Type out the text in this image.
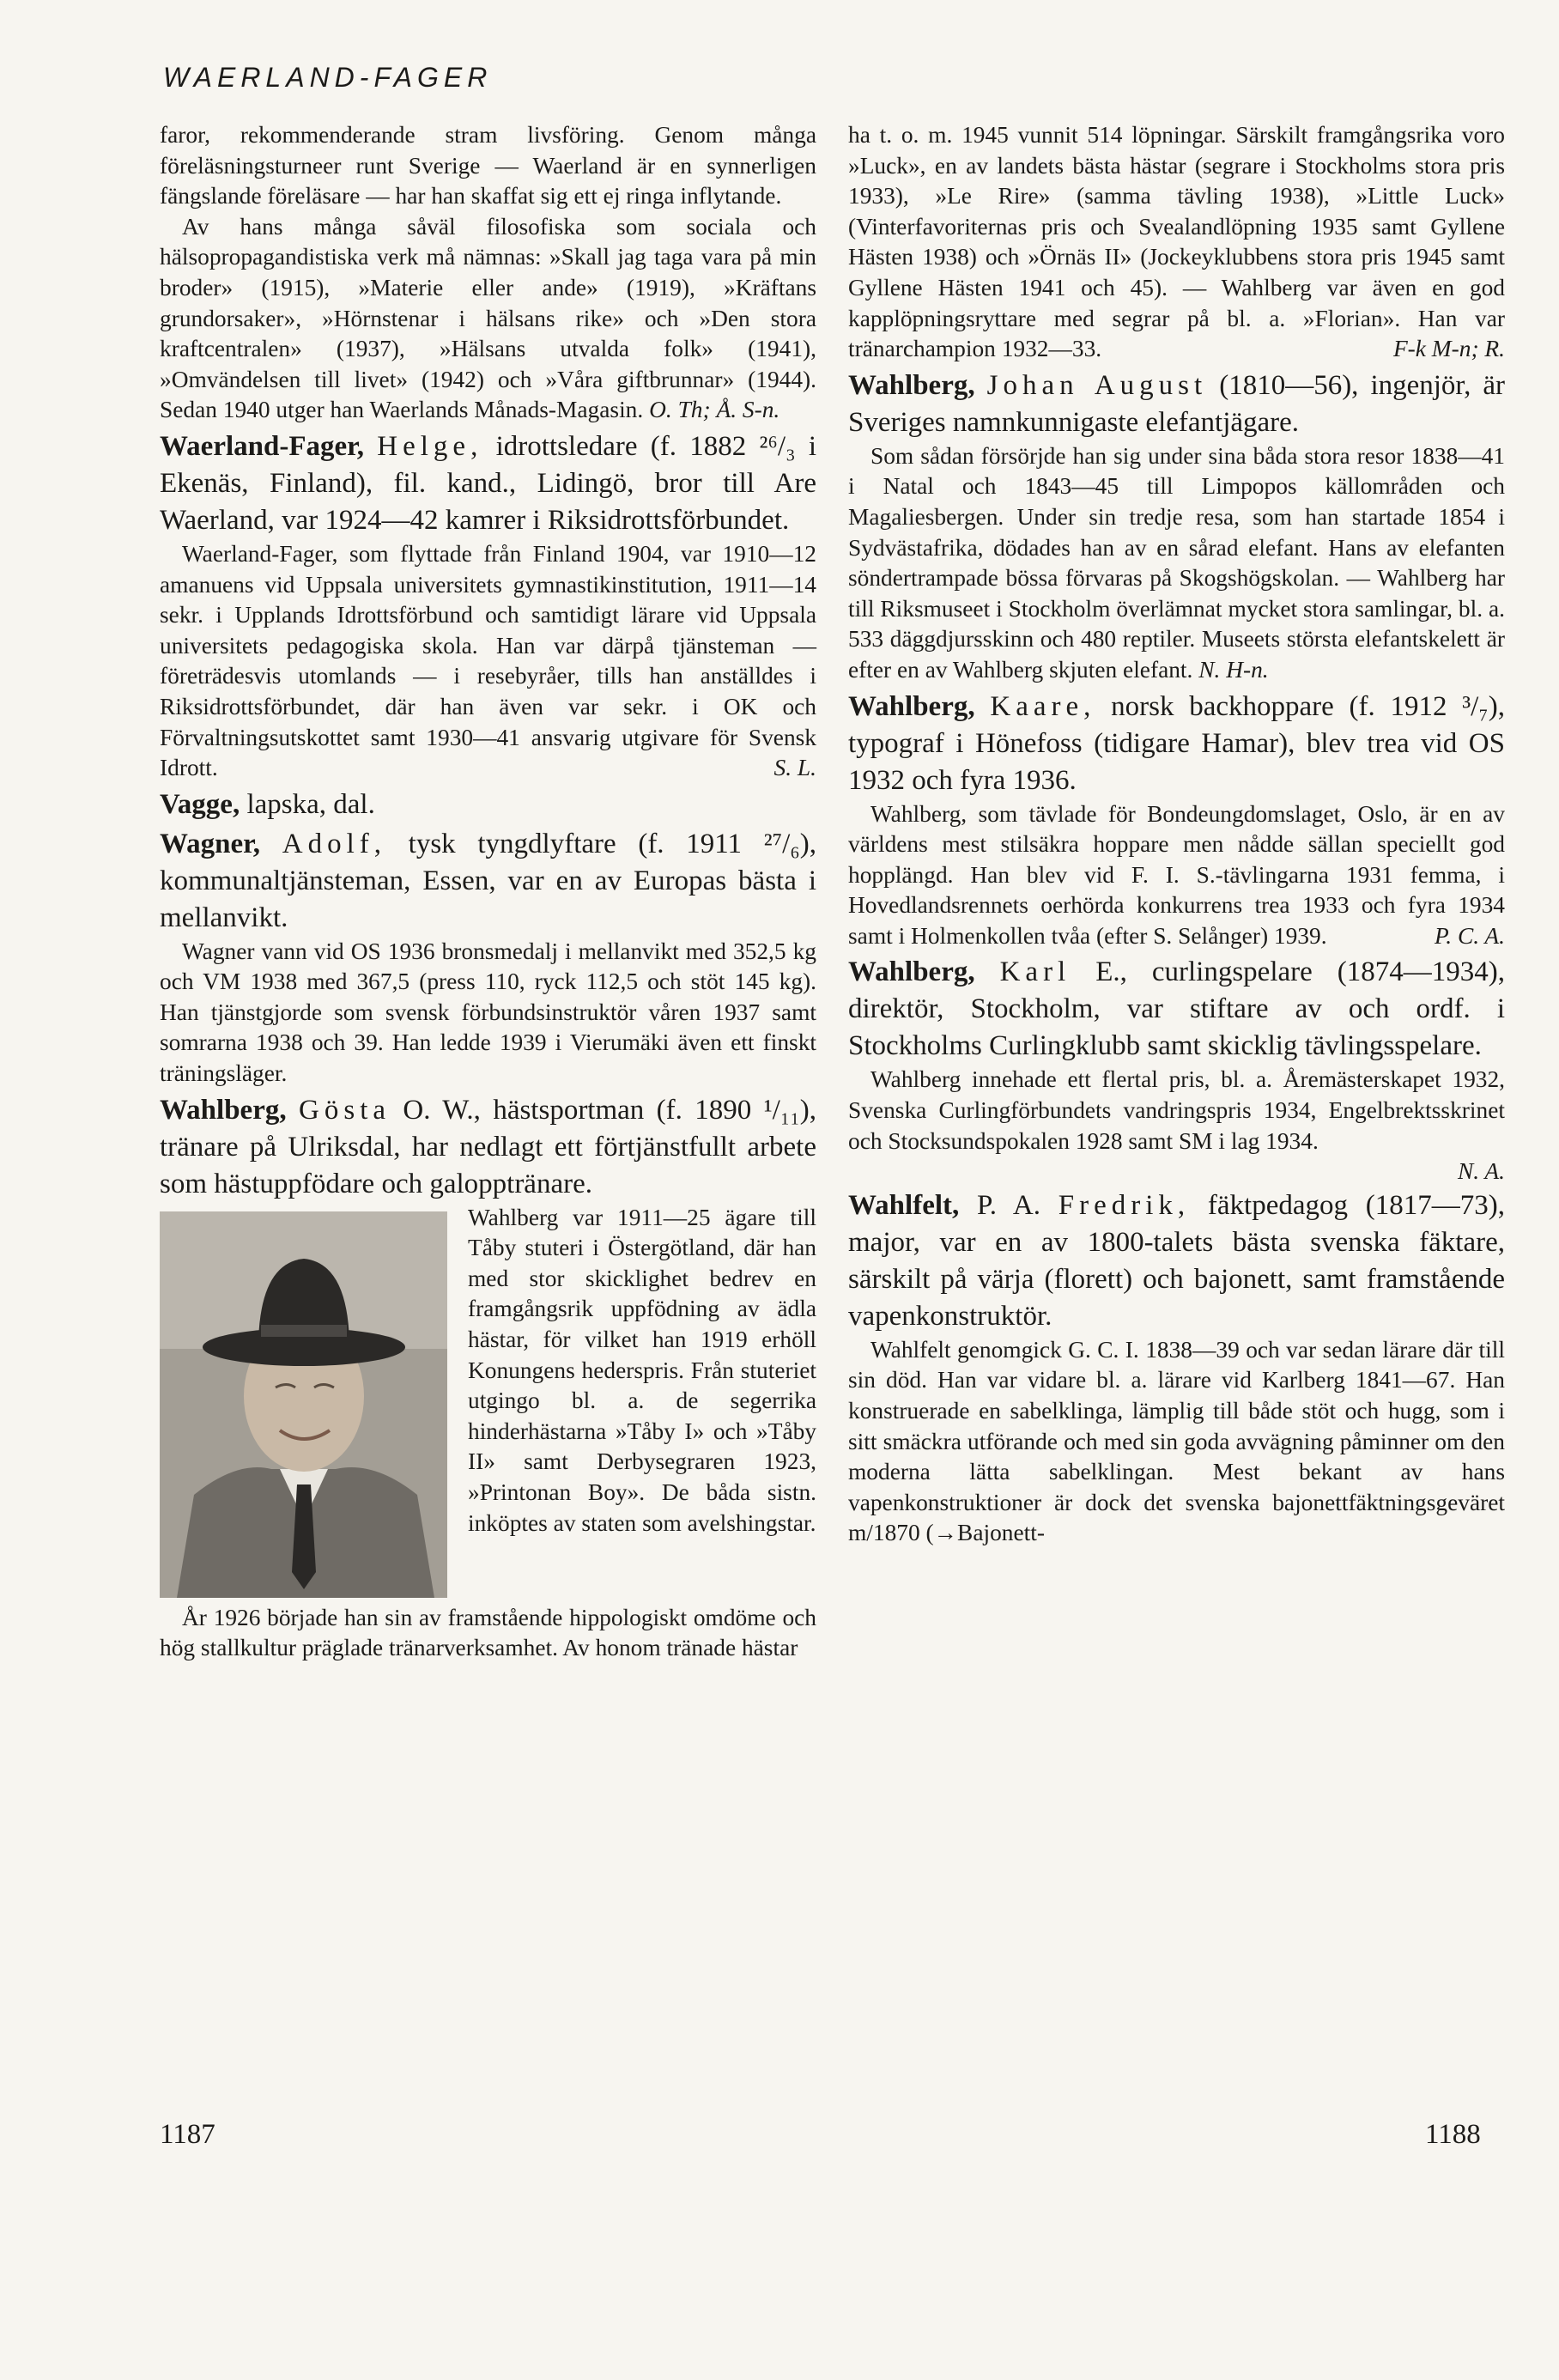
WAERLAND-FAGER

faror, rekommenderande stram livsföring. Genom många föreläsningsturneer runt Sverige — Waerland är en synnerligen fängslande föreläsare — har han skaffat sig ett ej ringa inflytande.

Av hans många såväl filosofiska som sociala och hälsopropagandistiska verk må nämnas: »Skall jag taga vara på min broder» (1915), »Materie eller ande» (1919), »Kräftans grundorsaker», »Hörnstenar i hälsans rike» och »Den stora kraftcentralen» (1937), »Hälsans utvalda folk» (1941), »Omvändelsen till livet» (1942) och »Våra giftbrunnar» (1944). Sedan 1940 utger han Waerlands Månads-Magasin. O. Th; Å. S-n.

Waerland-Fager, Helge, idrottsledare (f. 1882 ²⁶/₃ i Ekenäs, Finland), fil. kand., Lidingö, bror till Are Waerland, var 1924—42 kamrer i Riksidrottsförbundet.

Waerland-Fager, som flyttade från Finland 1904, var 1910—12 amanuens vid Uppsala universitets gymnastikinstitution, 1911—14 sekr. i Upplands Idrottsförbund och samtidigt lärare vid Uppsala universitets pedagogiska skola. Han var därpå tjänsteman — företrädesvis utomlands — i resebyråer, tills han anställdes i Riksidrottsförbundet, där han även var sekr. i OK och Förvaltningsutskottet samt 1930—41 ansvarig utgivare för Svensk Idrott.	S. L.

Vagge, lapska, dal.

Wagner, Adolf, tysk tyngdlyftare (f. 1911 ²⁷/₆), kommunaltjänsteman, Essen, var en av Europas bästa i mellanvikt.

Wagner vann vid OS 1936 bronsmedalj i mellanvikt med 352,5 kg och VM 1938 med 367,5 (press 110, ryck 112,5 och stöt 145 kg). Han tjänstgjorde som svensk förbundsinstruktör våren 1937 samt somrarna 1938 och 39. Han ledde 1939 i Vierumäki även ett finskt träningsläger.

Wahlberg, Gösta O. W., hästsportman (f. 1890 ¹/₁₁), tränare på Ulriksdal, har nedlagt ett förtjänstfullt arbete som hästuppfödare och galopptränare.

Wahlberg var 1911—25 ägare till Tåby stuteri i Östergötland, där han med stor skicklighet bedrev en framgångsrik uppfödning av ädla hästar, för vilket han 1919 erhöll Konungens hederspris. Från stuteriet utgingo bl. a. de segerrika hinderhästarna »Tåby I» och »Tåby II» samt Derbysegraren 1923, »Printonan Boy». De båda sistn. inköptes av staten som avelshingstar.

År 1926 började han sin av framstående hippologiskt omdöme och hög stallkultur präglade tränarverksamhet. Av honom tränade hästar

ha t. o. m. 1945 vunnit 514 löpningar. Särskilt framgångsrika voro »Luck», en av landets bästa hästar (segrare i Stockholms stora pris 1933), »Le Rire» (samma tävling 1938), »Little Luck» (Vinterfavoriternas pris och Svealandlöpning 1935 samt Gyllene Hästen 1938) och »Örnäs II» (Jockeyklubbens stora pris 1945 samt Gyllene Hästen 1941 och 45). — Wahlberg var även en god kapplöpningsryttare med segrar på bl. a. »Florian». Han var tränarchampion 1932—33.	F-k M-n; R.

Wahlberg, Johan August (1810—56), ingenjör, är Sveriges namnkunnigaste elefantjägare.

Som sådan försörjde han sig under sina båda stora resor 1838—41 i Natal och 1843—45 till Limpopos källområden och Magaliesbergen. Under sin tredje resa, som han startade 1854 i Sydvästafrika, dödades han av en sårad elefant. Hans av elefanten söndertrampade bössa förvaras på Skogshögskolan. — Wahlberg har till Riksmuseet i Stockholm överlämnat mycket stora samlingar, bl. a. 533 däggdjursskinn och 480 reptiler. Museets största elefantskelett är efter en av Wahlberg skjuten elefant. N. H-n.

Wahlberg, Kaare, norsk backhoppare (f. 1912 ³/₇), typograf i Hönefoss (tidigare Hamar), blev trea vid OS 1932 och fyra 1936.

Wahlberg, som tävlade för Bondeungdomslaget, Oslo, är en av världens mest stilsäkra hoppare men nådde sällan speciellt god hopplängd. Han blev vid F. I. S.-tävlingarna 1931 femma, i Hovedlandsrennets oerhörda konkurrens trea 1933 och fyra 1934 samt i Holmenkollen tvåa (efter S. Selånger) 1939.	P. C. A.

Wahlberg, Karl E., curlingspelare (1874—1934), direktör, Stockholm, var stiftare av och ordf. i Stockholms Curlingklubb samt skicklig tävlingsspelare.

Wahlberg innehade ett flertal pris, bl. a. Åremästerskapet 1932, Svenska Curlingförbundets vandringspris 1934, Engelbrektsskrinet och Stocksundspokalen 1928 samt SM i lag 1934.

N. A.

Wahlfelt, P. A. Fredrik, fäktpedagog (1817—73), major, var en av 1800-talets bästa svenska fäktare, särskilt på värja (florett) och bajonett, samt framstående vapenkonstruktör.

Wahlfelt genomgick G. C. I. 1838—39 och var sedan lärare där till sin död. Han var vidare bl. a. lärare vid Karlberg 1841—67. Han konstruerade en sabelklinga, lämplig till både stöt och hugg, som i sitt smäckra utförande och med sin goda avvägning påminner om den moderna lätta sabelklingan. Mest bekant av hans vapenkonstruktioner är dock det svenska bajonettfäktningsgeväret m/1870 (→Bajonett-

1187	1188
